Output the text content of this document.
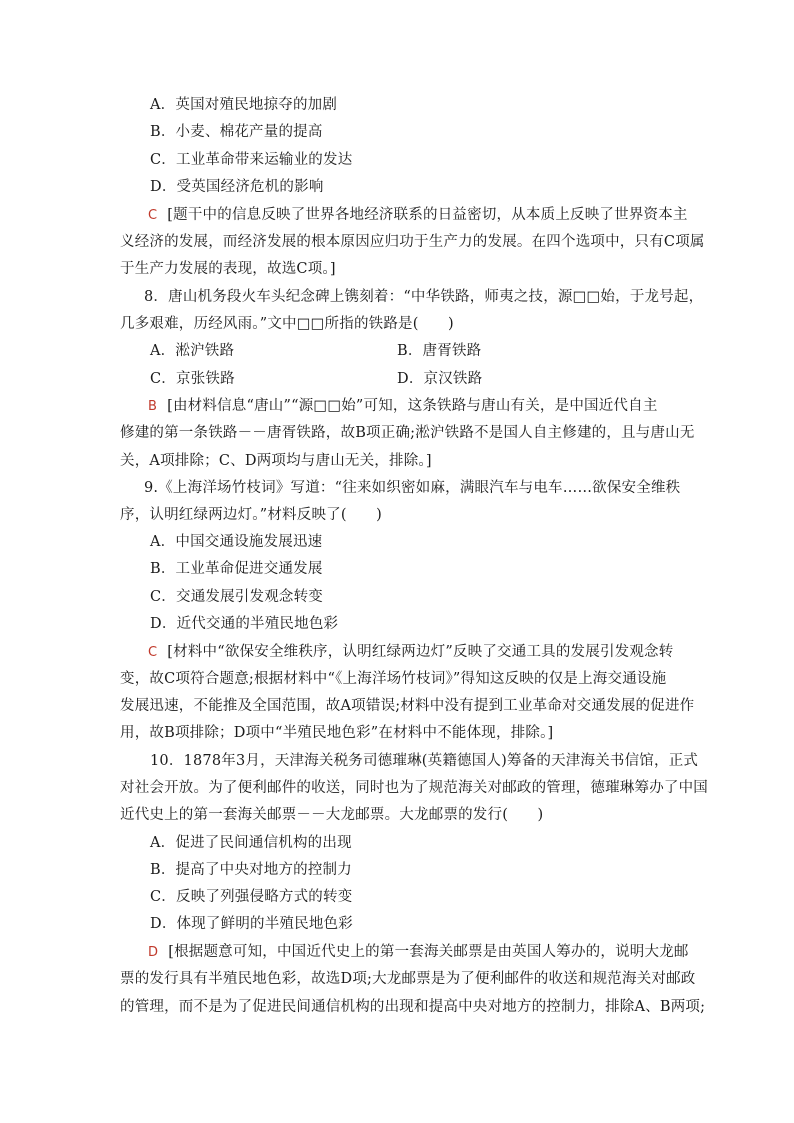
A．英国对殖民地掠夺的加剧
B．小麦、棉花产量的提高
C．工业革命带来运输业的发达
D．受英国经济危机的影响
C [题干中的信息反映了世界各地经济联系的日益密切，从本质上反映了世界资本主
义经济的发展，而经济发展的根本原因应归功于生产力的发展。在四个选项中，只有C项属
于生产力发展的表现，故选C项。]
8．唐山机务段火车头纪念碑上镌刻着：“中华铁路，师夷之技，源□□始，于龙号起，
几多艰难，历经风雨。”文中□□所指的铁路是(　　)
A．淞沪铁路	B．唐胥铁路
C．京张铁路	D．京汉铁路
B [由材料信息“唐山”“源□□始”可知，这条铁路与唐山有关，是中国近代自主
修建的第一条铁路－－唐胥铁路，故B项正确;淞沪铁路不是国人自主修建的，且与唐山无
关，A项排除；C、D两项均与唐山无关，排除。]
9.《上海洋场竹枝词》写道：“往来如织密如麻，满眼汽车与电车……欲保安全维秩
序，认明红绿两边灯。”材料反映了(　　)
A．中国交通设施发展迅速
B．工业革命促进交通发展
C．交通发展引发观念转变
D．近代交通的半殖民地色彩
C [材料中“欲保安全维秩序，认明红绿两边灯”反映了交通工具的发展引发观念转
变，故C项符合题意;根据材料中“《上海洋场竹枝词》”得知这反映的仅是上海交通设施
发展迅速，不能推及全国范围，故A项错误;材料中没有提到工业革命对交通发展的促进作
用，故B项排除；D项中“半殖民地色彩”在材料中不能体现，排除。]
10．1878年3月，天津海关税务司德璀琳(英籍德国人)筹备的天津海关书信馆，正式
对社会开放。为了便利邮件的收送，同时也为了规范海关对邮政的管理，德璀琳筹办了中国
近代史上的第一套海关邮票－－大龙邮票。大龙邮票的发行(　　)
A．促进了民间通信机构的出现
B．提高了中央对地方的控制力
C．反映了列强侵略方式的转变
D．体现了鲜明的半殖民地色彩
D [根据题意可知，中国近代史上的第一套海关邮票是由英国人筹办的，说明大龙邮
票的发行具有半殖民地色彩，故选D项;大龙邮票是为了便利邮件的收送和规范海关对邮政
的管理，而不是为了促进民间通信机构的出现和提高中央对地方的控制力，排除A、B两项;
